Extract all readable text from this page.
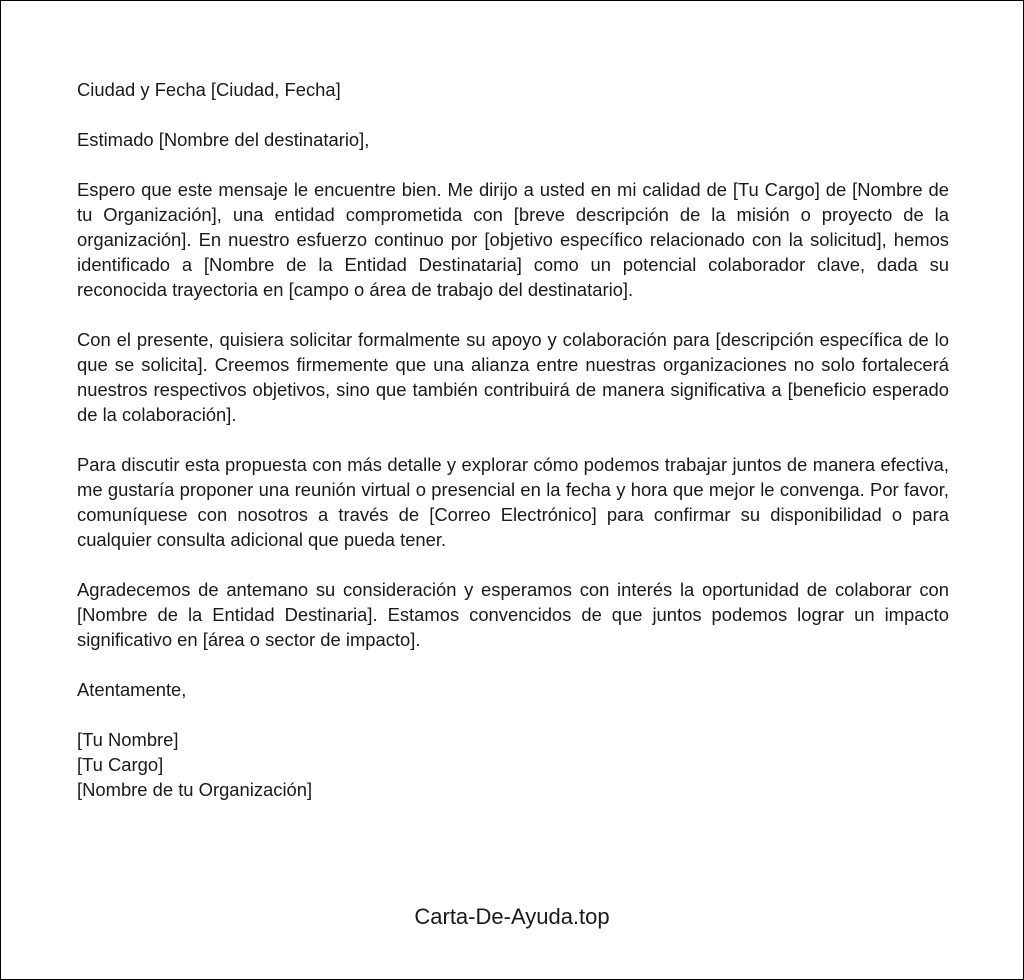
Ciudad y Fecha [Ciudad, Fecha]

Estimado [Nombre del destinatario],

Espero que este mensaje le encuentre bien. Me dirijo a usted en mi calidad de [Tu Cargo] de [Nombre de tu Organización], una entidad comprometida con [breve descripción de la misión o proyecto de la organización]. En nuestro esfuerzo continuo por [objetivo específico relacionado con la solicitud], hemos identificado a [Nombre de la Entidad Destinataria] como un potencial colaborador clave, dada su reconocida trayectoria en [campo o área de trabajo del destinatario].

Con el presente, quisiera solicitar formalmente su apoyo y colaboración para [descripción específica de lo que se solicita]. Creemos firmemente que una alianza entre nuestras organizaciones no solo fortalecerá nuestros respectivos objetivos, sino que también contribuirá de manera significativa a [beneficio esperado de la colaboración].

Para discutir esta propuesta con más detalle y explorar cómo podemos trabajar juntos de manera efectiva, me gustaría proponer una reunión virtual o presencial en la fecha y hora que mejor le convenga. Por favor, comuníquese con nosotros a través de [Correo Electrónico] para confirmar su disponibilidad o para cualquier consulta adicional que pueda tener.

Agradecemos de antemano su consideración y esperamos con interés la oportunidad de colaborar con [Nombre de la Entidad Destinaria]. Estamos convencidos de que juntos podemos lograr un impacto significativo en [área o sector de impacto].

Atentamente,

[Tu Nombre]
[Tu Cargo]
[Nombre de tu Organización]
Carta-De-Ayuda.top
